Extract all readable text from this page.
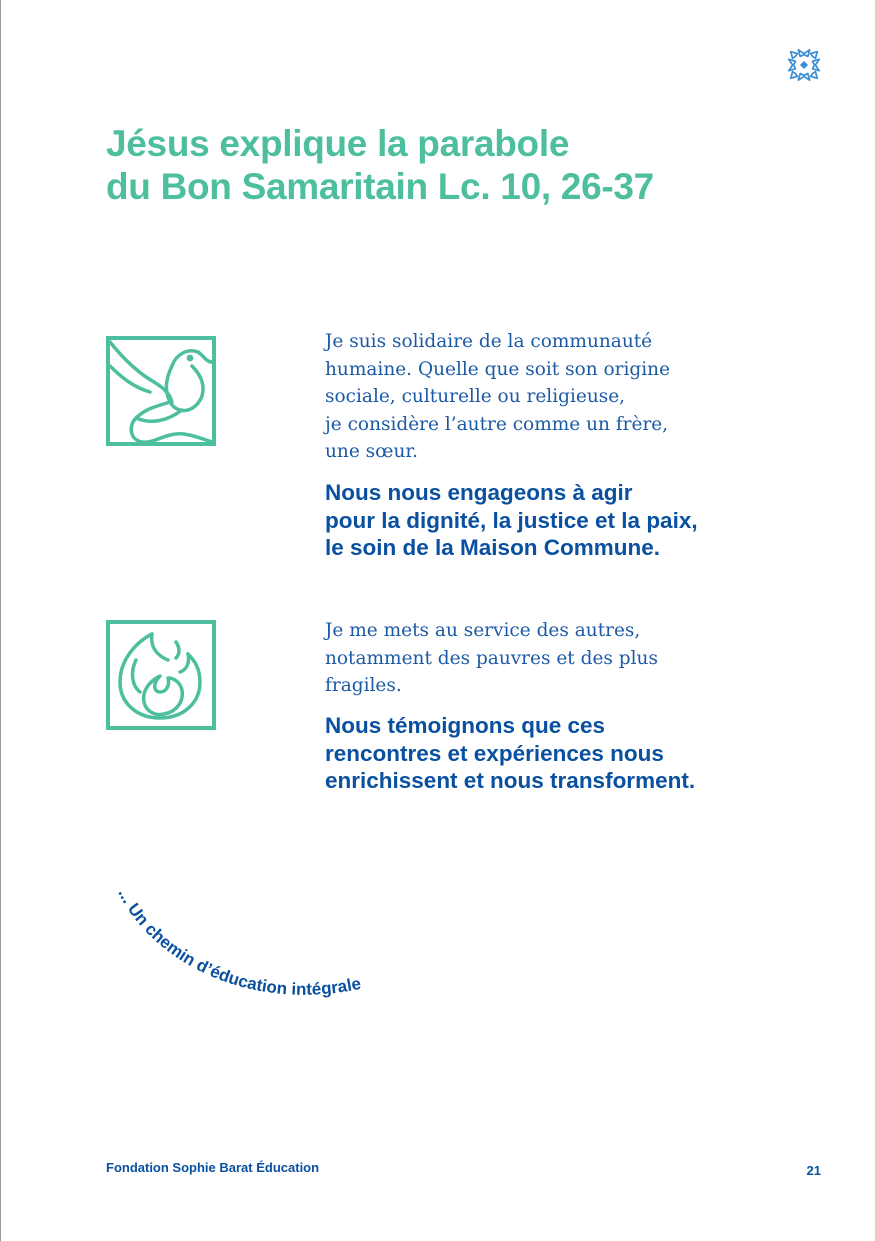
Jésus explique la parabole
du Bon Samaritain Lc. 10, 26-37

Je suis solidaire de la communauté
humaine. Quelle que soit son origine
sociale, culturelle ou religieuse,
je considère l’autre comme un frère,
une sœur.

Nous nous engageons à agir
pour la dignité, la justice et la paix,
le soin de la Maison Commune.

Je me mets au service des autres,
notamment des pauvres et des plus
fragiles.

Nous témoignons que ces
rencontres et expériences nous
enrichissent et nous transforment.

... Un chemin d’éducation intégrale
Fondation Sophie Barat Éducation	21
